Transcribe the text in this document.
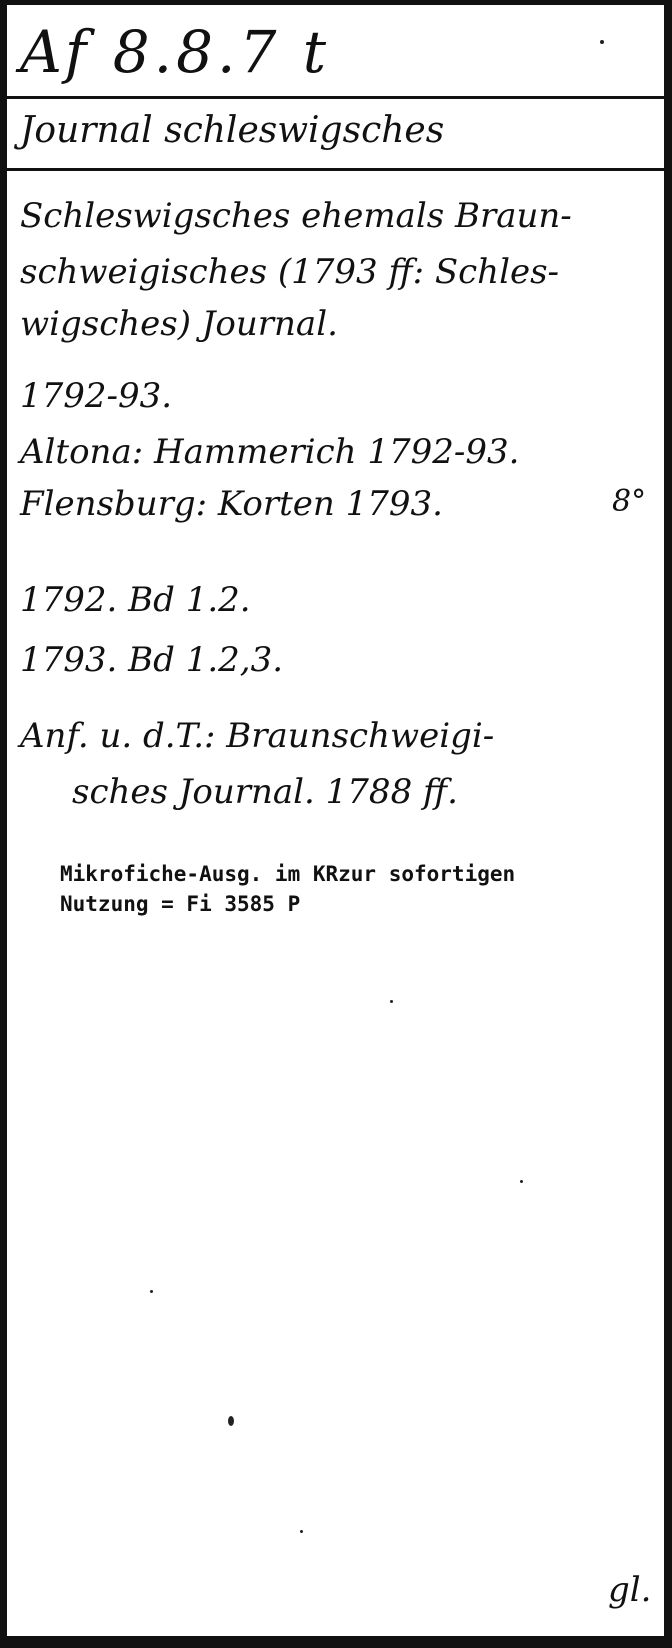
Af 8.8.7 t

Journal schleswigsches

Schleswigsches ehemals Braun-

schweigisches (1793 ff: Schles-

wigsches) Journal.

1792-93.

Altona: Hammerich 1792-93.

Flensburg: Korten 1793.	8°

1792. Bd 1.2.

1793. Bd 1.2,3.

Anf. u. d.T.: Braunschweigi-

sches Journal. 1788 ff.

Mikrofiche-Ausg. im KRzur sofortigen

Nutzung = Fi 3585 P

gl.
